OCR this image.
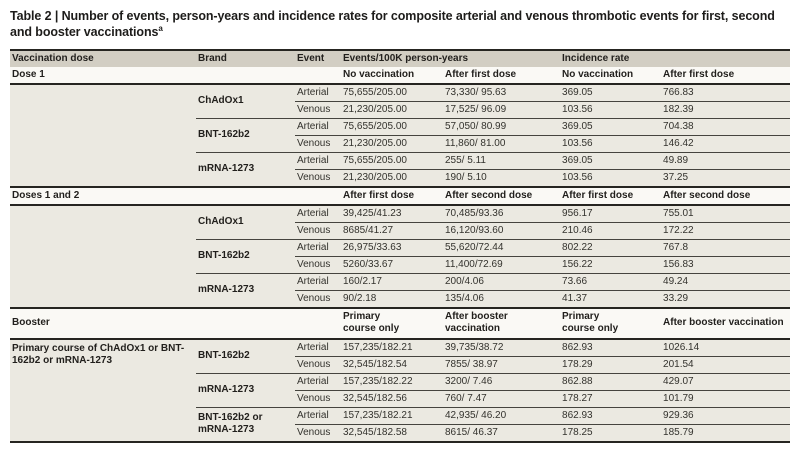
Table 2 | Number of events, person-years and incidence rates for composite arterial and venous thrombotic events for first, second and booster vaccinations$^a$
Vaccination dose	Brand	Event	Events/100K person-years		Incidence rate	
Dose 1			No vaccination	After first dose	No vaccination	After first dose
	ChAdOx1	Arterial	75,655/205.00	73,330/ 95.63	369.05	766.83
		Venous	21,230/205.00	17,525/ 96.09	103.56	182.39
	BNT-162b2	Arterial	75,655/205.00	57,050/ 80.99	369.05	704.38
		Venous	21,230/205.00	11,860/ 81.00	103.56	146.42
	mRNA-1273	Arterial	75,655/205.00	255/ 5.11	369.05	49.89
		Venous	21,230/205.00	190/ 5.10	103.56	37.25
Doses 1 and 2			After first dose	After second dose	After first dose	After second dose
	ChAdOx1	Arterial	39,425/41.23	70,485/93.36	956.17	755.01
		Venous	8685/41.27	16,120/93.60	210.46	172.22
	BNT-162b2	Arterial	26,975/33.63	55,620/72.44	802.22	767.8
		Venous	5260/33.67	11,400/72.69	156.22	156.83
	mRNA-1273	Arterial	160/2.17	200/4.06	73.66	49.24
		Venous	90/2.18	135/4.06	41.37	33.29
Booster			Primary course only	After booster vaccination	Primary course only	After booster vaccination
Primary course of ChAdOx1 or BNT-162b2 or mRNA-1273	BNT-162b2	Arterial	157,235/182.21	39,735/38.72	862.93	1026.14
		Venous	32,545/182.54	7855/ 38.97	178.29	201.54
	mRNA-1273	Arterial	157,235/182.22	3200/ 7.46	862.88	429.07
		Venous	32,545/182.56	760/ 7.47	178.27	101.79
	BNT-162b2 or mRNA-1273	Arterial	157,235/182.21	42,935/ 46.20	862.93	929.36
		Venous	32,545/182.58	8615/ 46.37	178.25	185.79
